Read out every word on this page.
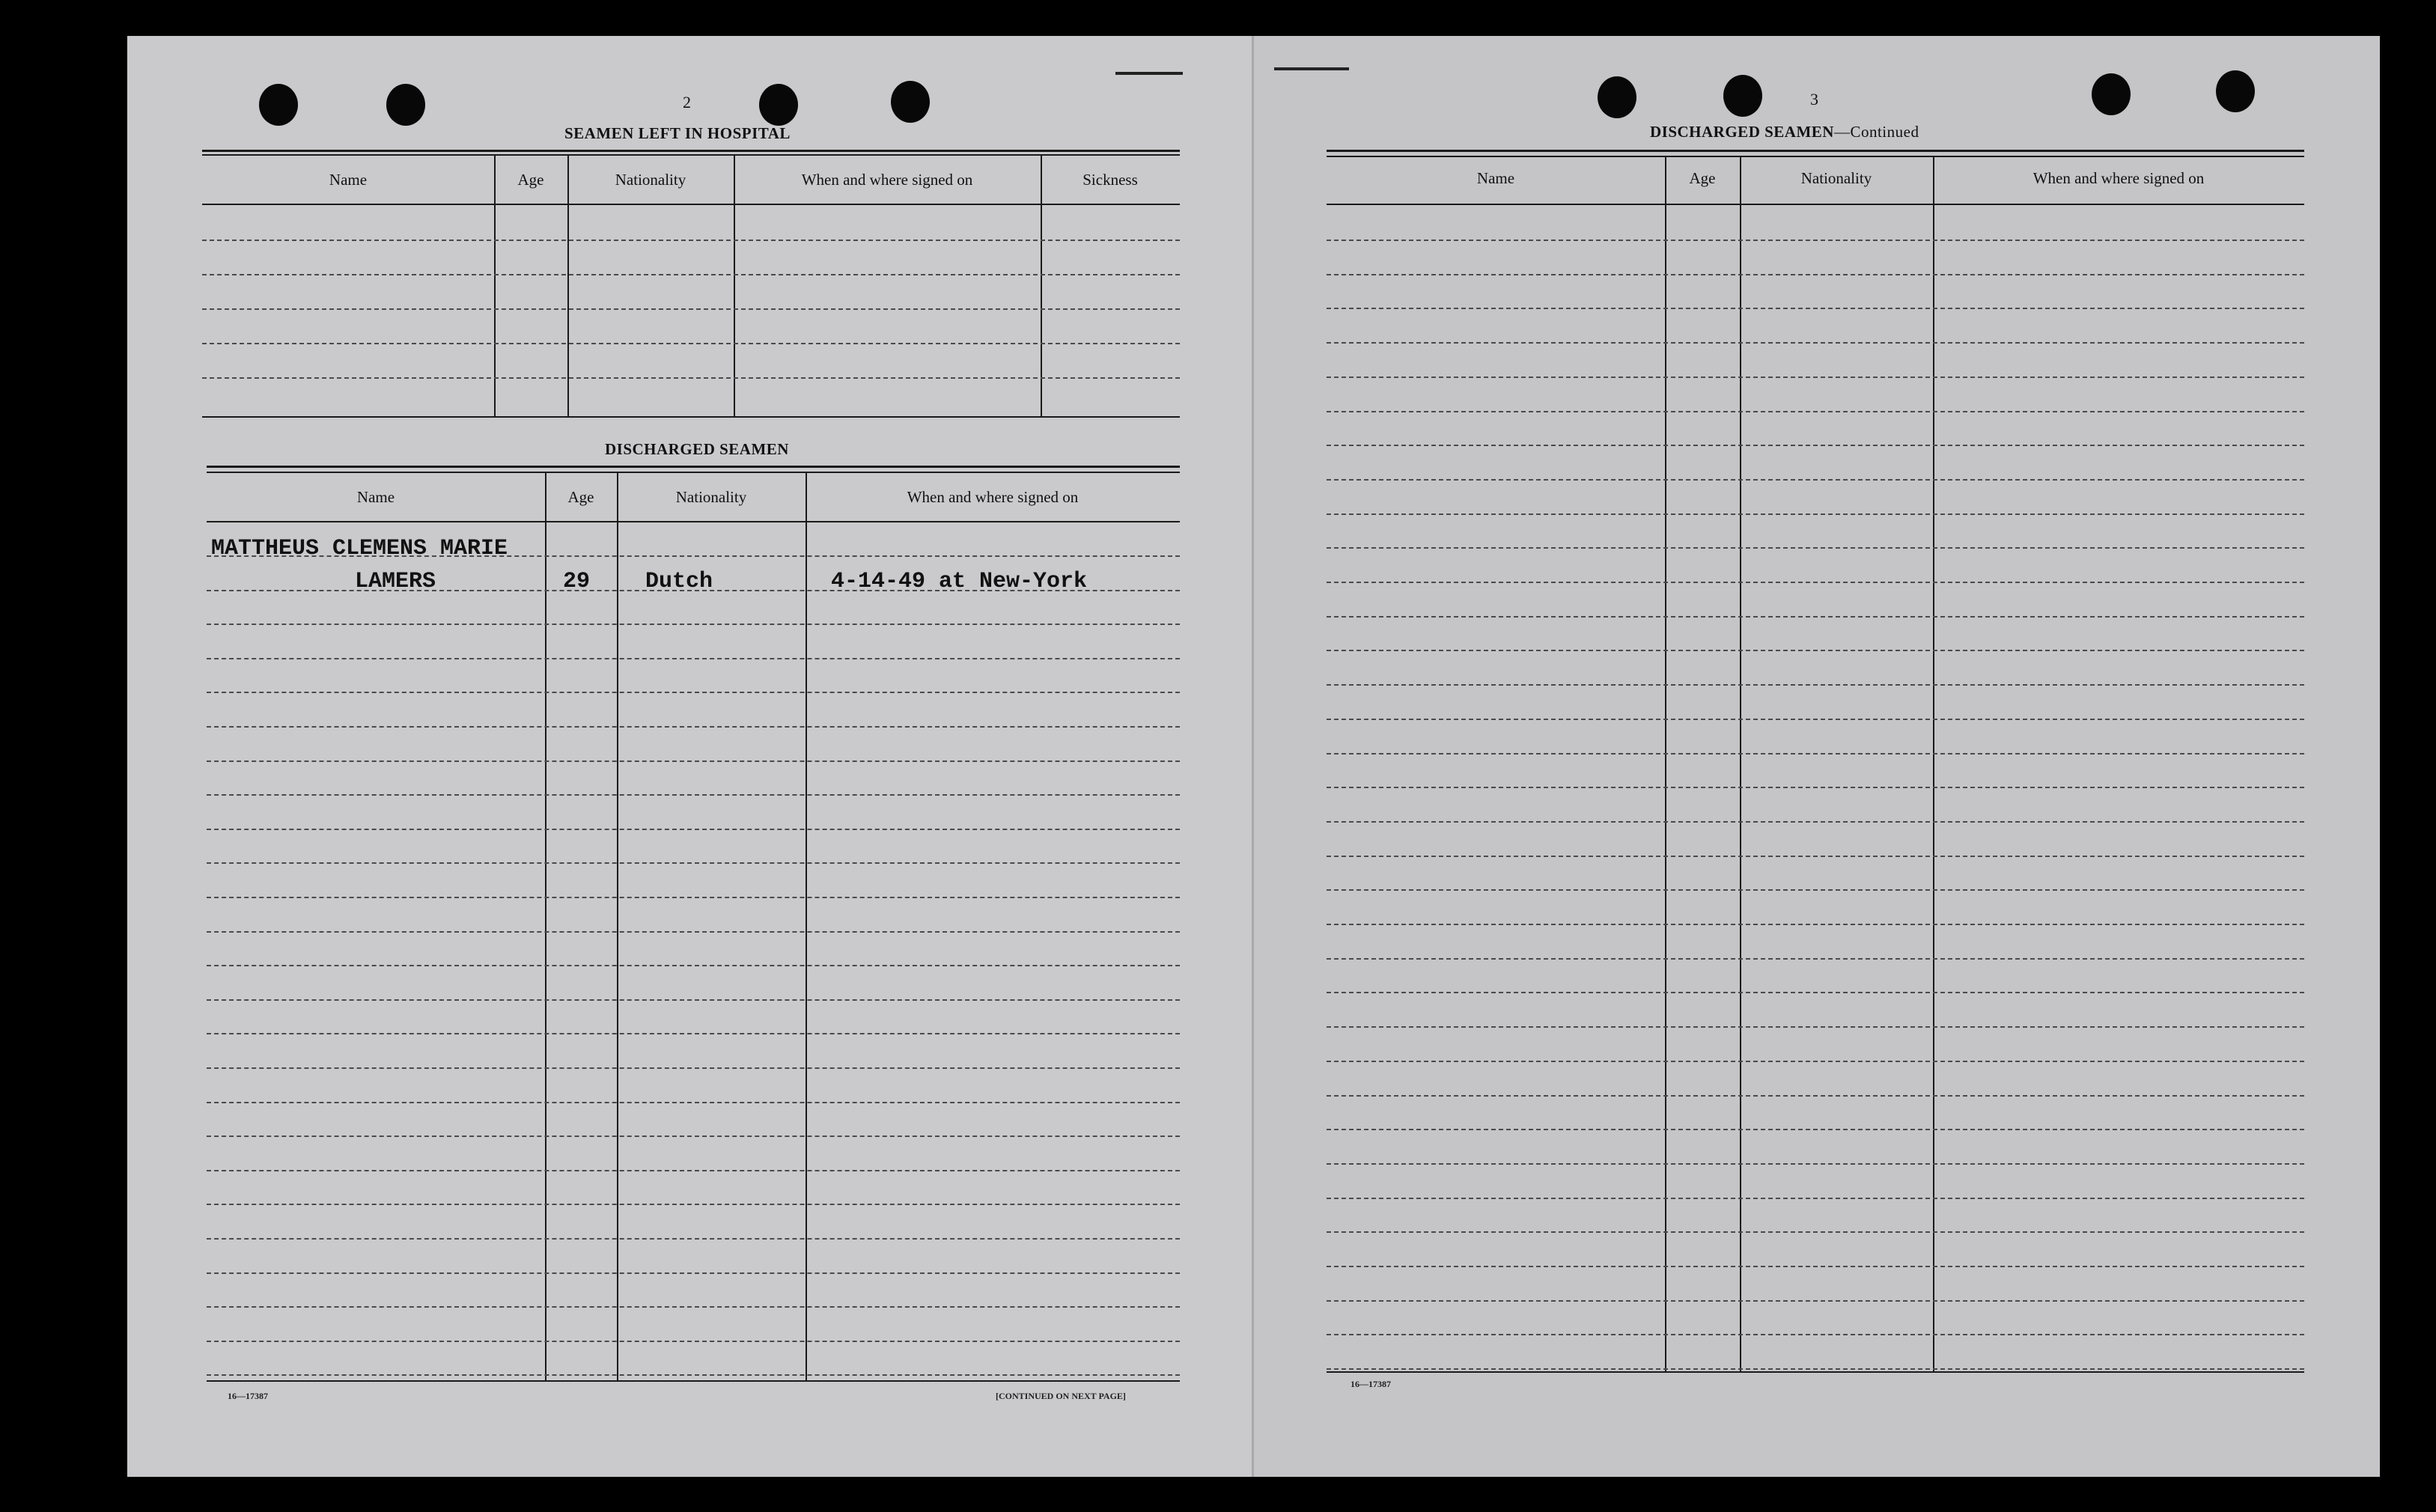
2
SEAMEN LEFT IN HOSPITAL
Name	Age	Nationality	When and where signed on	Sickness
DISCHARGED SEAMEN
Name	Age	Nationality	When and where signed on
MATTHEUS CLEMENS MARIE
LAMERS	29 Dutch	4-14-49 at New-York
16—17387	[CONTINUED ON NEXT PAGE]
3
DISCHARGED SEAMEN—Continued
Name	Age	Nationality	When and where signed on
16—17387
